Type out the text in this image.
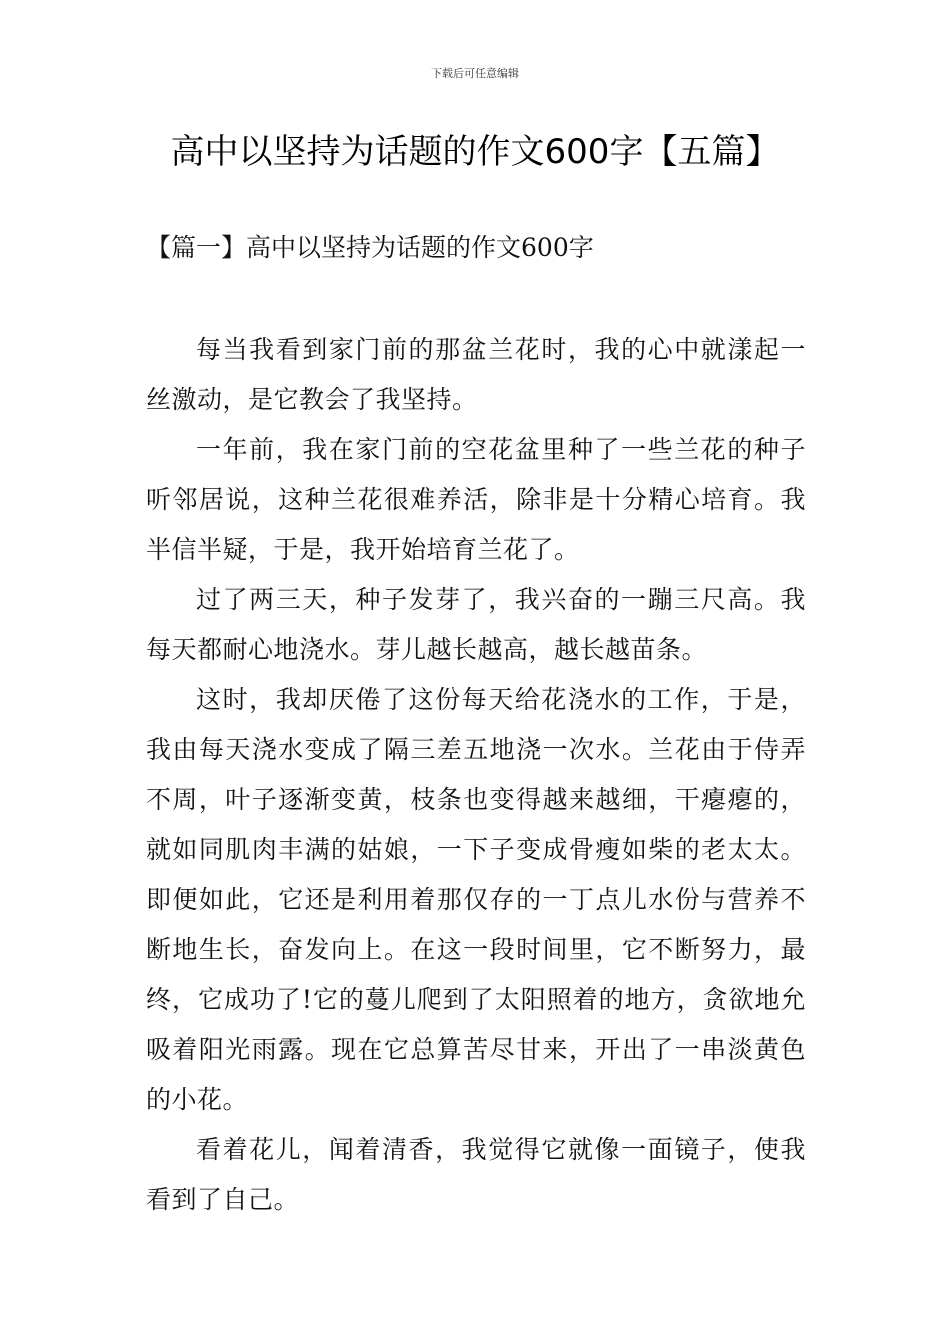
下载后可任意编辑
高中以坚持为话题的作文600字【五篇】
【篇一】高中以坚持为话题的作文600字

每当我看到家门前的那盆兰花时，我的心中就漾起一丝激动，是它教会了我坚持。

一年前，我在家门前的空花盆里种了一些兰花的种子听邻居说，这种兰花很难养活，除非是十分精心培育。我半信半疑，于是，我开始培育兰花了。

过了两三天，种子发芽了，我兴奋的一蹦三尺高。我每天都耐心地浇水。芽儿越长越高，越长越苗条。

这时，我却厌倦了这份每天给花浇水的工作，于是，我由每天浇水变成了隔三差五地浇一次水。兰花由于侍弄不周，叶子逐渐变黄，枝条也变得越来越细，干瘪瘪的，就如同肌肉丰满的姑娘，一下子变成骨瘦如柴的老太太。即便如此，它还是利用着那仅存的一丁点儿水份与营养不断地生长，奋发向上。在这一段时间里，它不断努力，最终，它成功了!它的蔓儿爬到了太阳照着的地方，贪欲地允吸着阳光雨露。现在它总算苦尽甘来，开出了一串淡黄色的小花。

看着花儿，闻着清香，我觉得它就像一面镜子，使我看到了自己。
